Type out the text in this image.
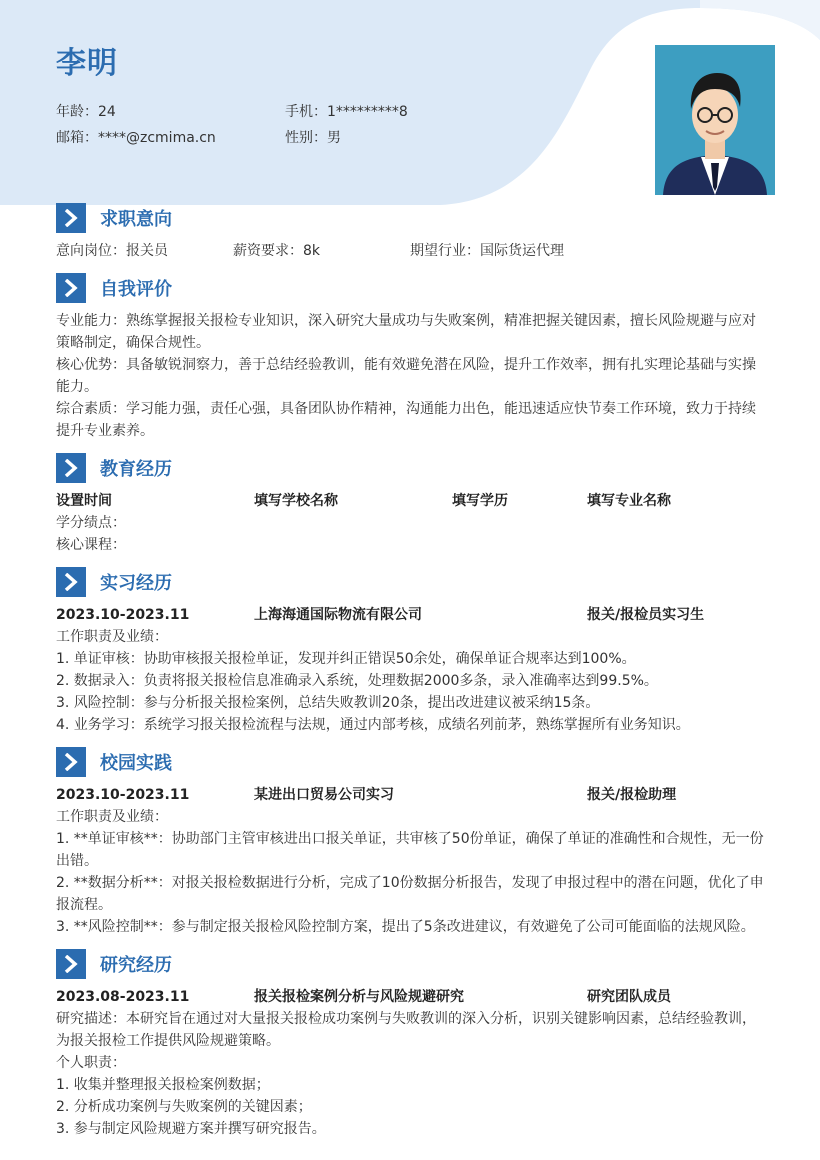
李明
年龄：24	手机：1*********8
邮箱：****@zcmima.cn	性别：男
求职意向
意向岗位：报关员	薪资要求：8k	期望行业：国际货运代理
自我评价
专业能力：熟练掌握报关报检专业知识，深入研究大量成功与失败案例，精准把握关键因素，擅长风险规避与应对策略制定，确保合规性。
核心优势：具备敏锐洞察力，善于总结经验教训，能有效避免潜在风险，提升工作效率，拥有扎实理论基础与实操能力。
综合素质：学习能力强，责任心强，具备团队协作精神，沟通能力出色，能迅速适应快节奏工作环境，致力于持续提升专业素养。
教育经历
设置时间	填写学校名称	填写学历	填写专业名称
学分绩点：
核心课程：
实习经历
2023.10-2023.11	上海海通国际物流有限公司	报关/报检员实习生
工作职责及业绩：
1. 单证审核：协助审核报关报检单证，发现并纠正错误50余处，确保单证合规率达到100%。
2. 数据录入：负责将报关报检信息准确录入系统，处理数据2000多条，录入准确率达到99.5%。
3. 风险控制：参与分析报关报检案例，总结失败教训20条，提出改进建议被采纳15条。
4. 业务学习：系统学习报关报检流程与法规，通过内部考核，成绩名列前茅，熟练掌握所有业务知识。
校园实践
2023.10-2023.11	某进出口贸易公司实习	报关/报检助理
工作职责及业绩：
1. **单证审核**：协助部门主管审核进出口报关单证，共审核了50份单证，确保了单证的准确性和合规性，无一份出错。
2. **数据分析**：对报关报检数据进行分析，完成了10份数据分析报告，发现了申报过程中的潜在问题，优化了申报流程。
3. **风险控制**：参与制定报关报检风险控制方案，提出了5条改进建议，有效避免了公司可能面临的法规风险。
研究经历
2023.08-2023.11	报关报检案例分析与风险规避研究	研究团队成员
研究描述：本研究旨在通过对大量报关报检成功案例与失败教训的深入分析，识别关键影响因素，总结经验教训，为报关报检工作提供风险规避策略。
个人职责：
1. 收集并整理报关报检案例数据；
2. 分析成功案例与失败案例的关键因素；
3. 参与制定风险规避方案并撰写研究报告。
